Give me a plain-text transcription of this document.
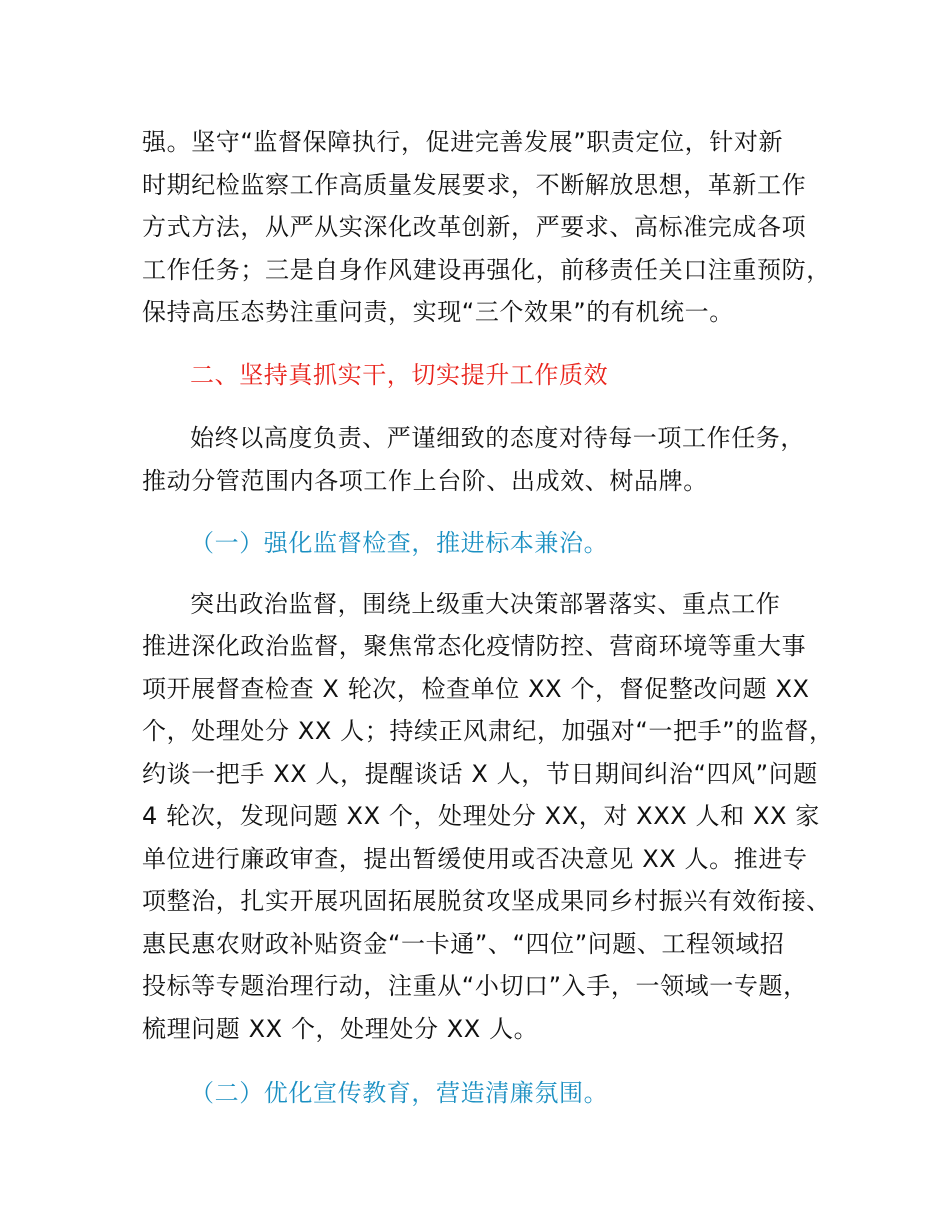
强。坚守“监督保障执行，促进完善发展”职责定位，针对新

时期纪检监察工作高质量发展要求，不断解放思想，革新工作

方式方法，从严从实深化改革创新，严要求、高标准完成各项

工作任务；三是自身作风建设再强化，前移责任关口注重预防，

保持高压态势注重问责，实现“三个效果”的有机统一。

二、坚持真抓实干，切实提升工作质效

始终以高度负责、严谨细致的态度对待每一项工作任务，

推动分管范围内各项工作上台阶、出成效、树品牌。

（一）强化监督检查，推进标本兼治。

突出政治监督，围绕上级重大决策部署落实、重点工作

推进深化政治监督，聚焦常态化疫情防控、营商环境等重大事

项开展督查检查 X 轮次，检查单位 XX 个，督促整改问题 XX

个，处理处分 XX 人；持续正风肃纪，加强对“一把手”的监督，

约谈一把手 XX 人，提醒谈话 X 人，节日期间纠治“四风”问题

4 轮次，发现问题 XX 个，处理处分 XX，对 XXX 人和 XX 家

单位进行廉政审查，提出暂缓使用或否决意见 XX 人。推进专

项整治，扎实开展巩固拓展脱贫攻坚成果同乡村振兴有效衔接、

惠民惠农财政补贴资金“一卡通”、“四位”问题、工程领域招

投标等专题治理行动，注重从“小切口”入手，一领域一专题，

梳理问题 XX 个，处理处分 XX 人。

（二）优化宣传教育，营造清廉氛围。
